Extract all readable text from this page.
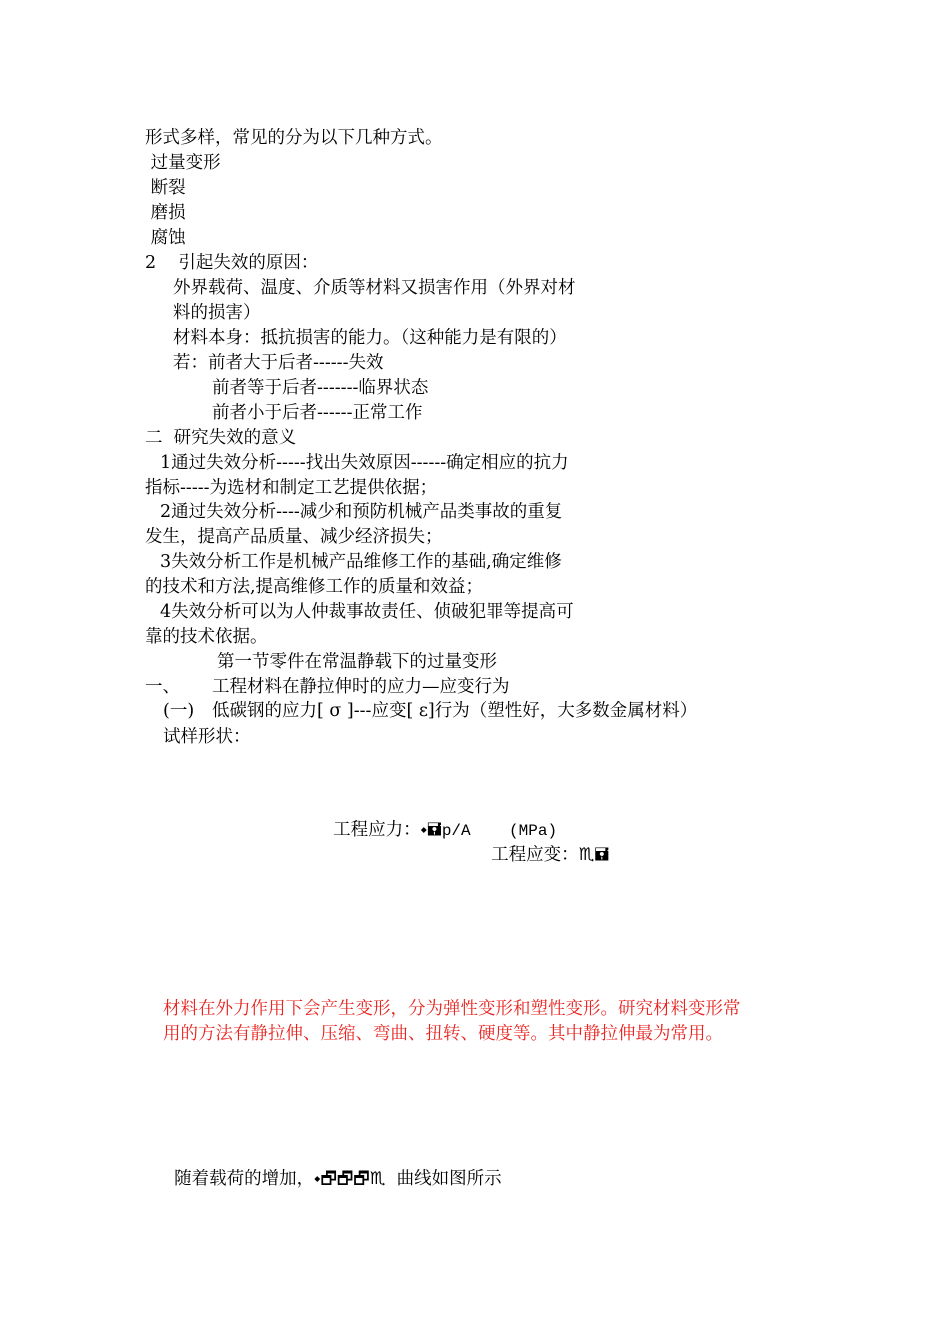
形式多样，常见的分为以下几种方式。
过量变形
断裂
磨损
腐蚀
2    引起失效的原因：
外界载荷、温度、介质等材料又损害作用（外界对材
料的损害）
材料本身：抵抗损害的能力。（这种能力是有限的）
若：前者大于后者------失效
前者等于后者-------临界状态
前者小于后者------正常工作
二  研究失效的意义
1通过失效分析-----找出失效原因------确定相应的抗力
指标-----为选材和制定工艺提供依据；
2通过失效分析----减少和预防机械产品类事故的重复
发生，提高产品质量、减少经济损失；
3失效分析工作是机械产品维修工作的基础,确定维修
的技术和方法,提高维修工作的质量和效益；
4失效分析可以为人仲裁事故责任、侦破犯罪等提高可
靠的技术依据。
第一节零件在常温静载下的过量变形
一、 工程材料在静拉伸时的应力—应变行为
(一) 低碳钢的应力[ σ ]---应变[ ε]行为（塑性好，大多数金属材料）
试样形状：

工程应力：⬩🖬p/A    (MPa)

工程应变：♏🖬

材料在外力作用下会产生变形，分为弹性变形和塑性变形。研究材料变形常
用的方法有静拉伸、压缩、弯曲、扭转、硬度等。其中静拉伸最为常用。

随着载荷的增加，⬩🗗🗗🗗♏  曲线如图所示
